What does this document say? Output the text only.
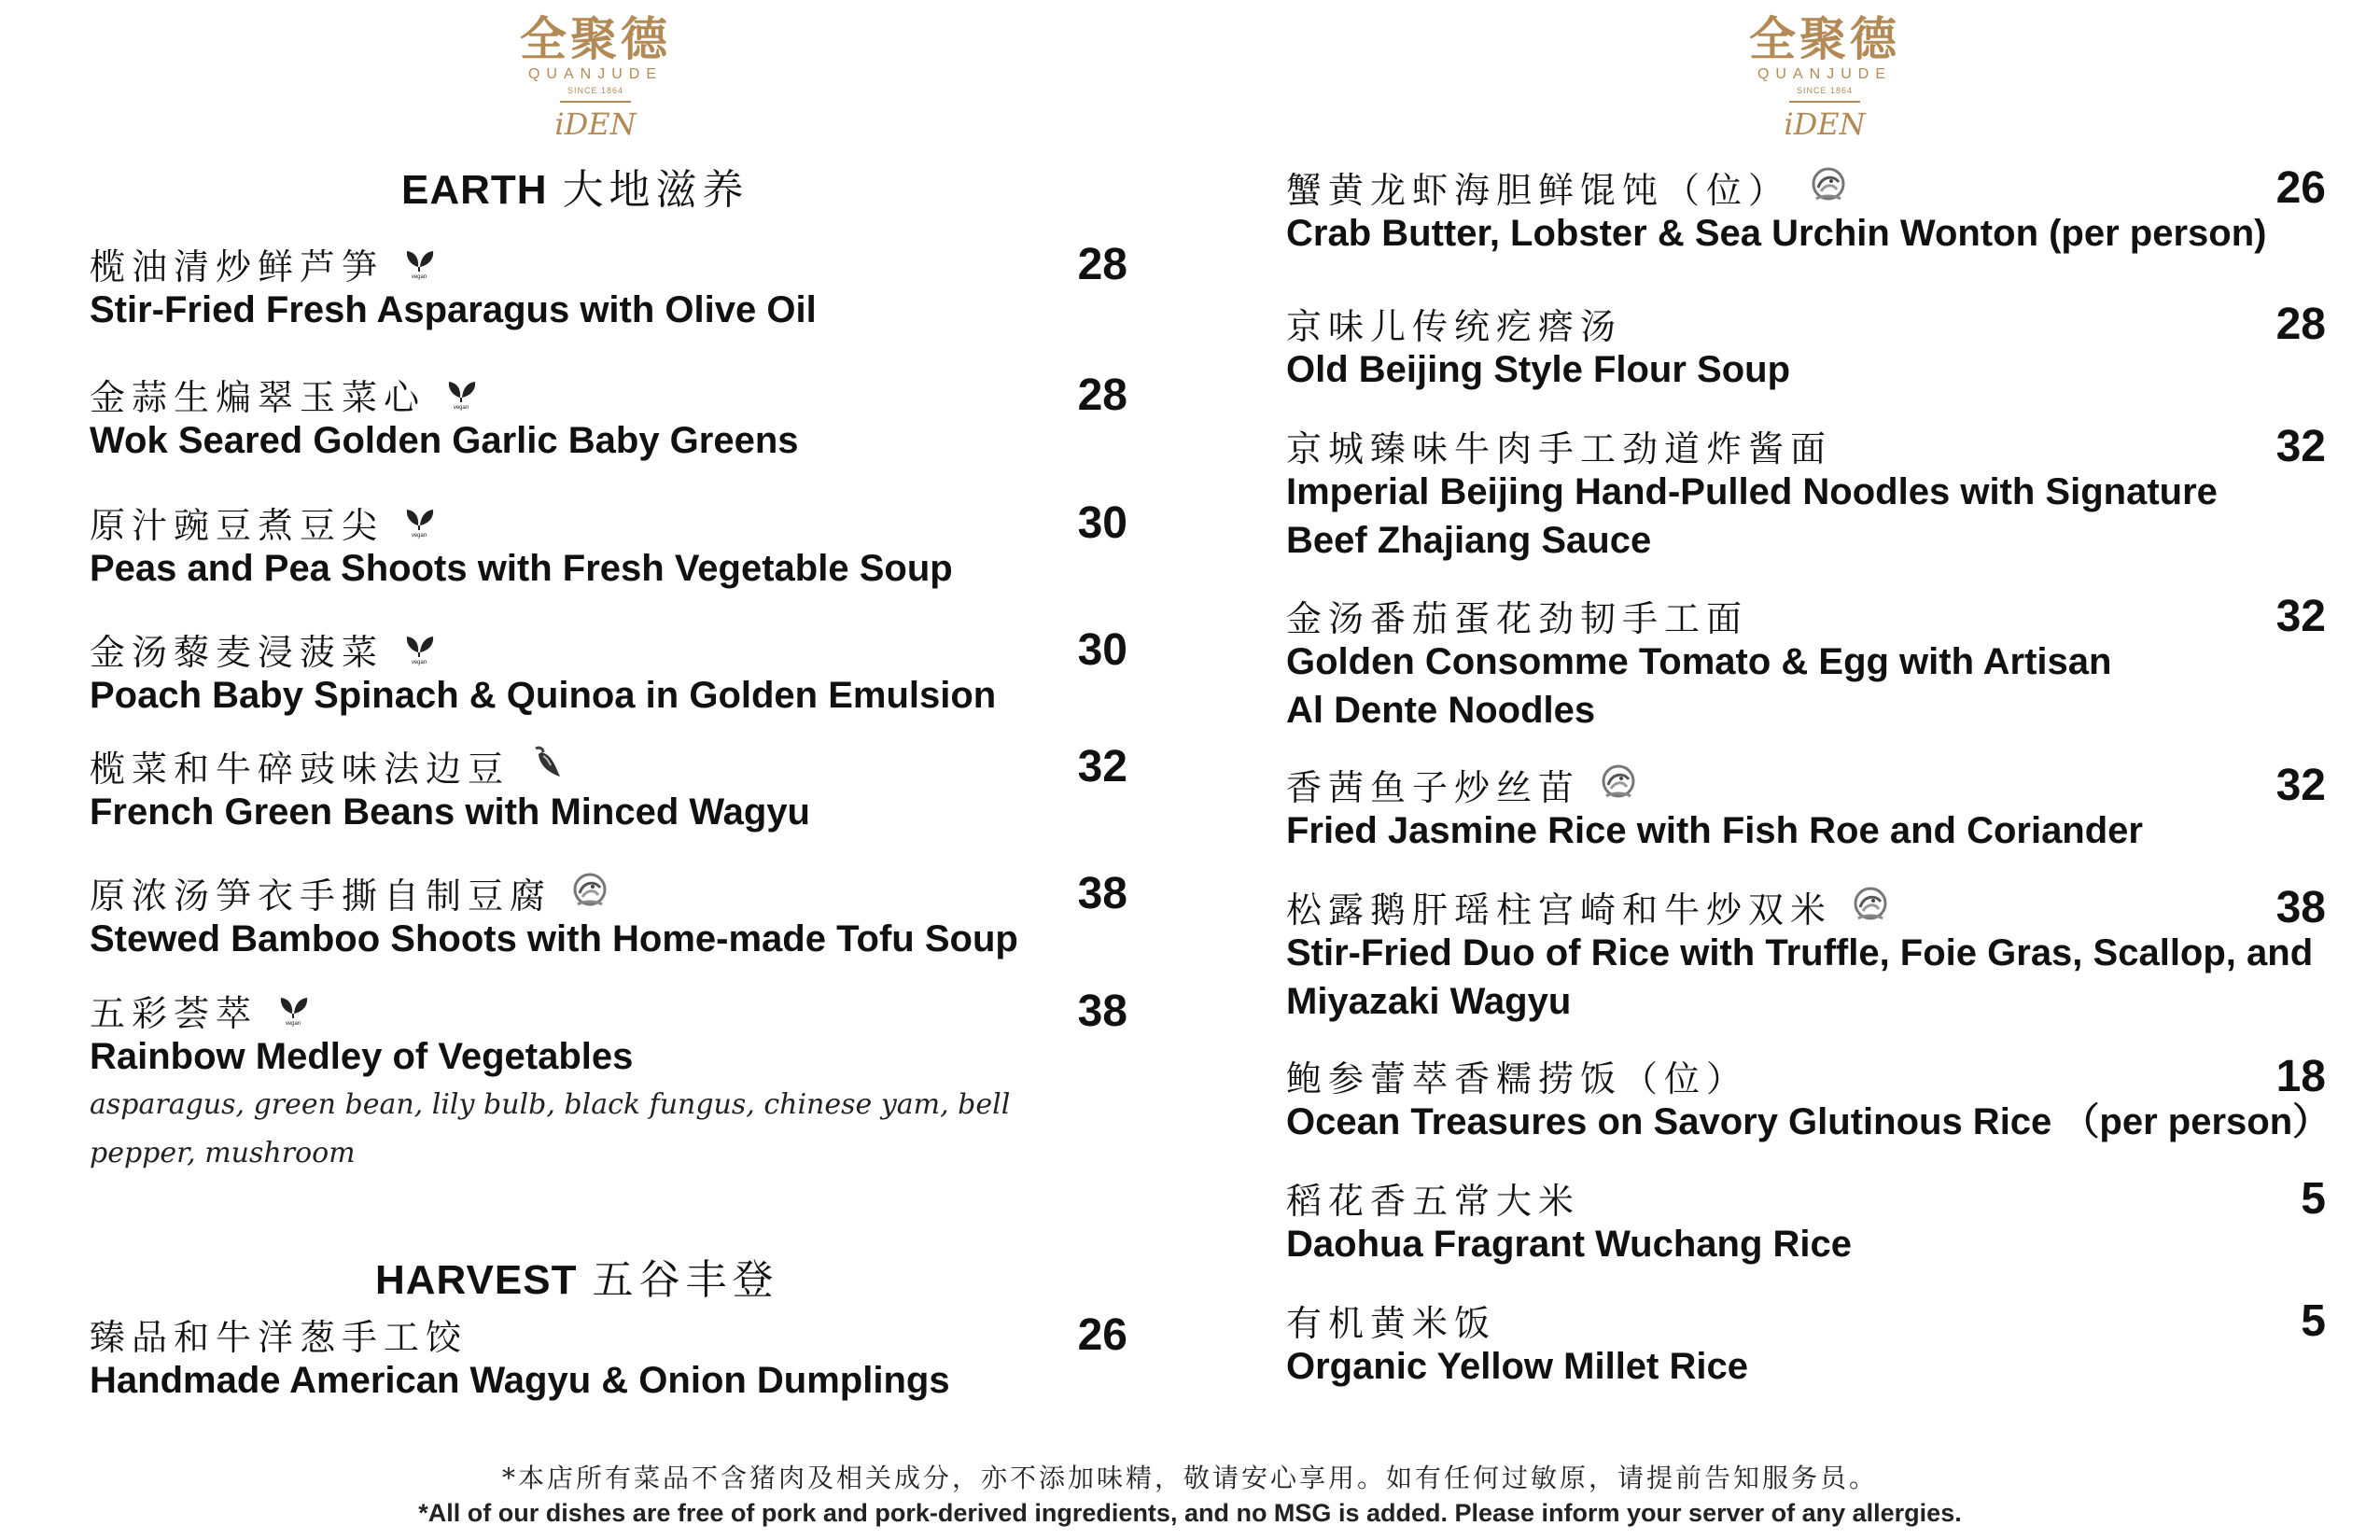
全聚德
QUANJUDE
SINCE 1864
iDEN
全聚德
QUANJUDE
SINCE 1864
iDEN
EARTH 大地滋养
HARVEST 五谷丰登
榄油清炒鲜芦笋	vegan	28
Stir-Fried Fresh Asparagus with Olive Oil
金蒜生煸翠玉菜心	vegan	28
Wok Seared Golden Garlic Baby Greens
原汁豌豆煮豆尖	vegan	30
Peas and Pea Shoots with Fresh Vegetable Soup
金汤藜麦浸菠菜	vegan	30
Poach Baby Spinach & Quinoa in Golden Emulsion
榄菜和牛碎豉味法边豆	32
French Green Beans with Minced Wagyu
原浓汤笋衣手撕自制豆腐	38
Stewed Bamboo Shoots with Home-made Tofu Soup
五彩荟萃	vegan	38
Rainbow Medley of Vegetables
asparagus, green bean, lily bulb, black fungus, chinese yam, bell pepper, mushroom
臻品和牛洋葱手工饺	26
Handmade American Wagyu & Onion Dumplings
蟹黄龙虾海胆鲜馄饨（位）	26
Crab Butter, Lobster & Sea Urchin Wonton (per person)
京味儿传统疙瘩汤	28
Old Beijing Style Flour Soup
京城臻味牛肉手工劲道炸酱面	32
Imperial Beijing Hand-Pulled Noodles with Signature Beef Zhajiang Sauce
金汤番茄蛋花劲韧手工面	32
Golden Consomme Tomato & Egg with Artisan Al Dente Noodles
香茜鱼子炒丝苗	32
Fried Jasmine Rice with Fish Roe and Coriander
松露鹅肝瑶柱宫崎和牛炒双米	38
Stir-Fried Duo of Rice with Truffle, Foie Gras, Scallop, and Miyazaki Wagyu
鲍参蕾萃香糯捞饭（位）	18
Ocean Treasures on Savory Glutinous Rice （per person）
稻花香五常大米	5
Daohua Fragrant Wuchang Rice
有机黄米饭	5
Organic Yellow Millet Rice
*本店所有菜品不含猪肉及相关成分，亦不添加味精，敬请安心享用。如有任何过敏原，请提前告知服务员。
*All of our dishes are free of pork and pork-derived ingredients, and no MSG is added. Please inform your server of any allergies.
